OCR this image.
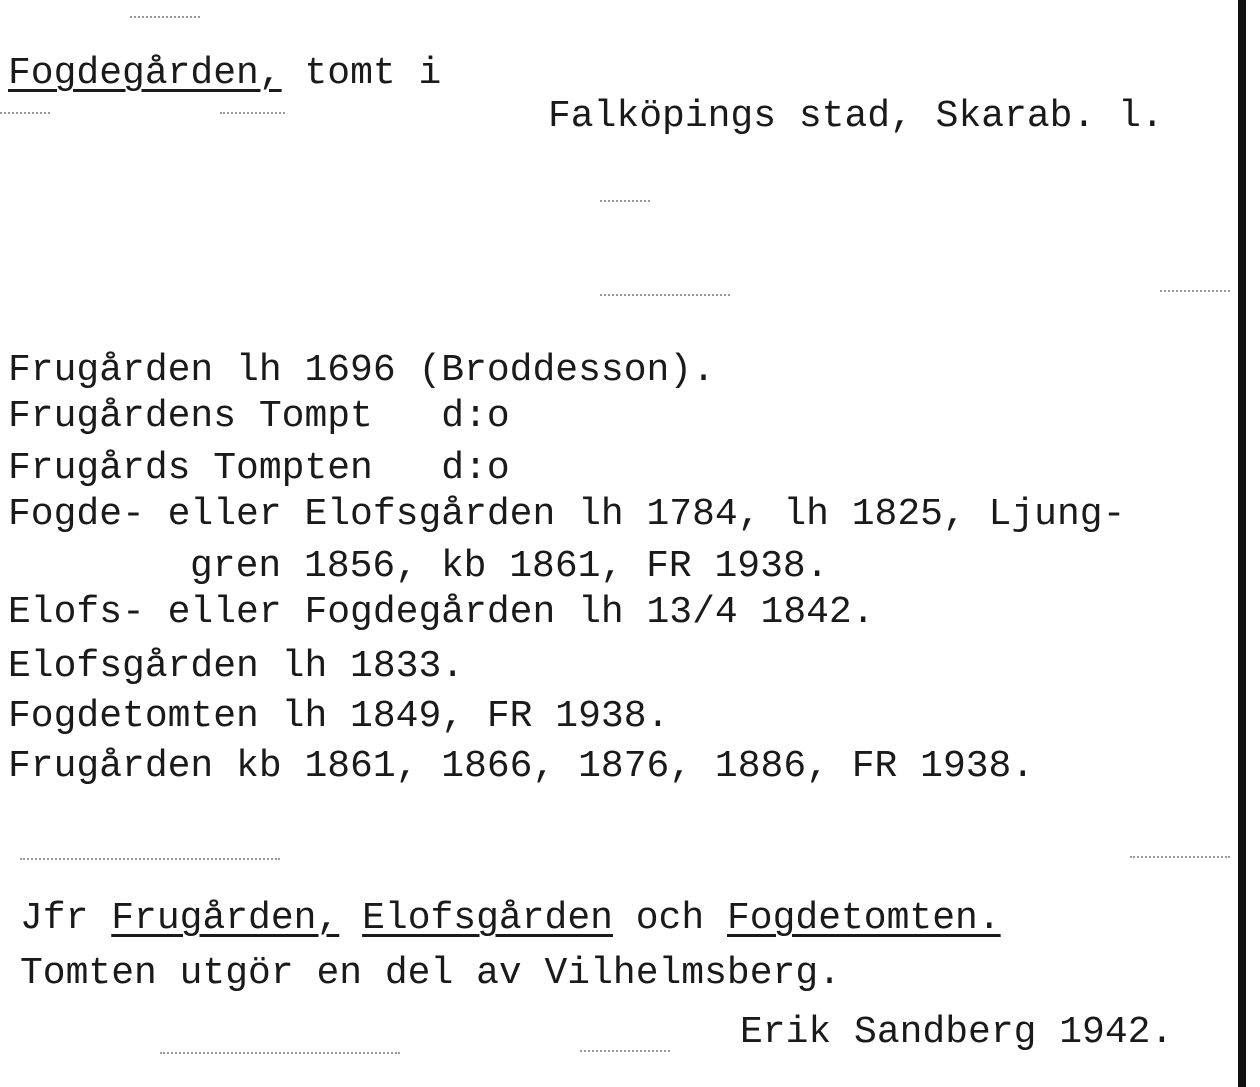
Fogdegården, tomt i
Falköpings stad, Skarab. l.
Frugården lh 1696 (Broddesson).
Frugårdens Tompt   d:o
Frugårds Tompten   d:o
Fogde- eller Elofsgården lh 1784, lh 1825, Ljung-
gren 1856, kb 1861, FR 1938.
Elofs- eller Fogdegården lh 13/4 1842.
Elofsgården lh 1833.
Fogdetomten lh 1849, FR 1938.
Frugården kb 1861, 1866, 1876, 1886, FR 1938.
Jfr Frugården, Elofsgården och Fogdetomten.
Tomten utgör en del av Vilhelmsberg.
Erik Sandberg 1942.
